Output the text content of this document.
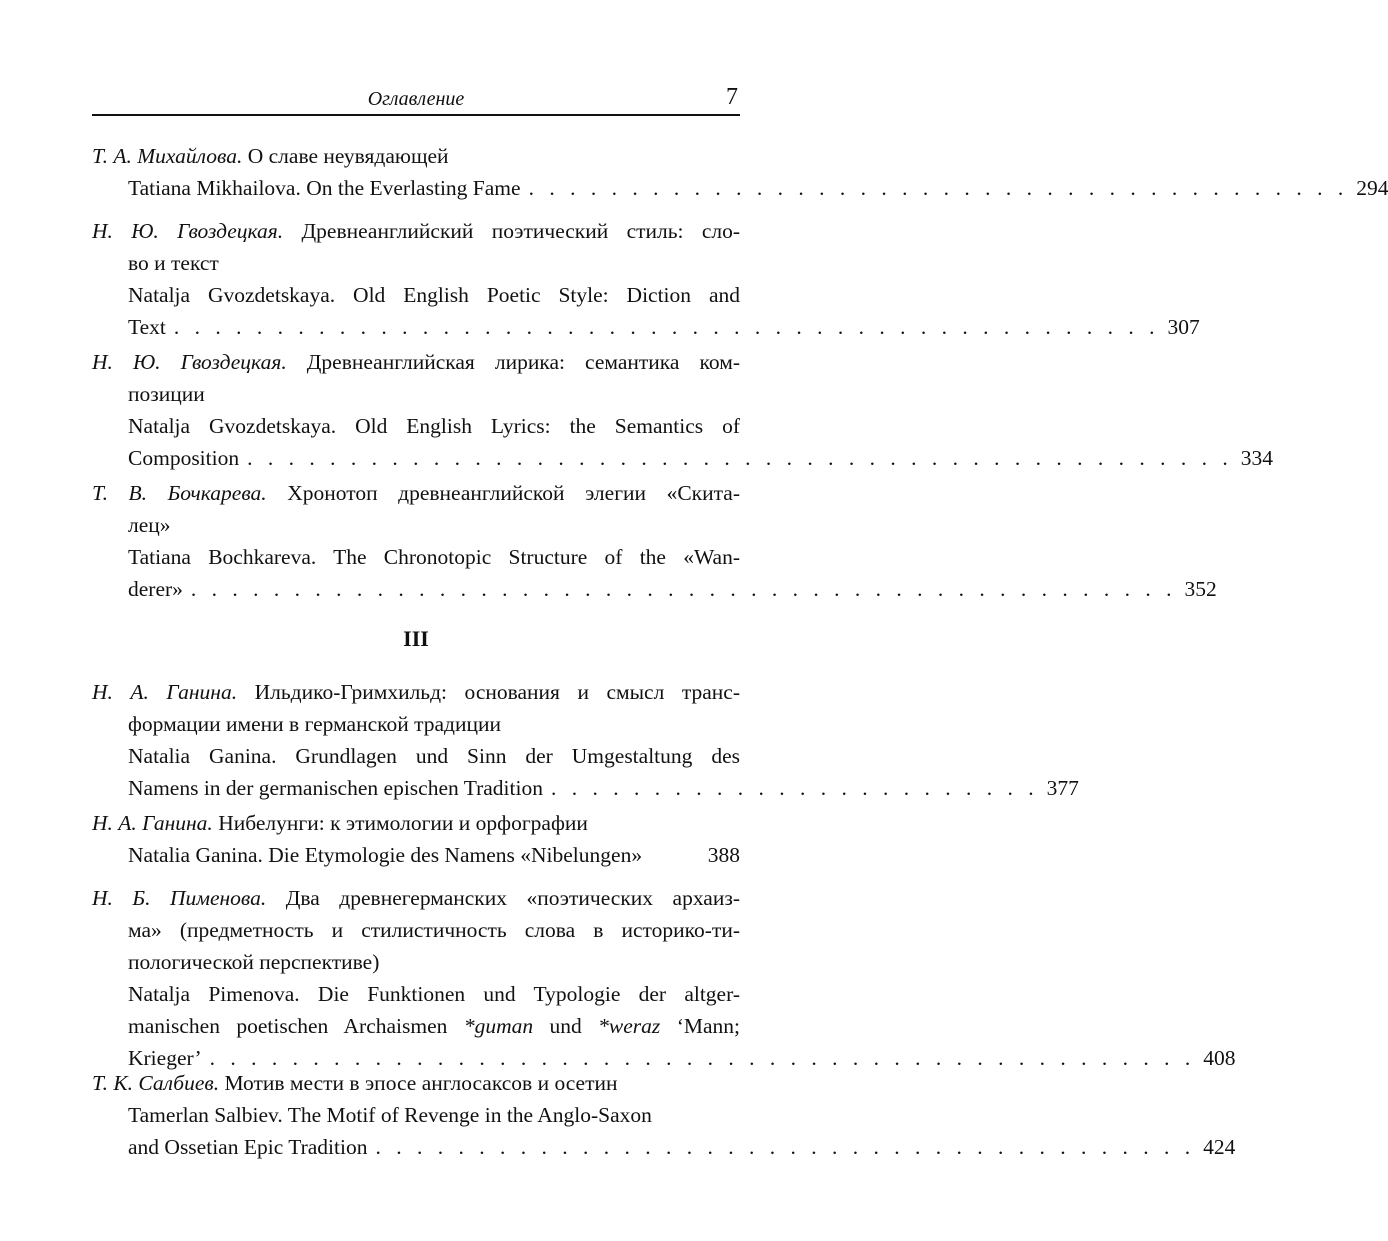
Оглавление	7
Т. А. Михайлова. О славе неувядающей
Tatiana Mikhailova. On the Everlasting Fame . . . . . . . . . . . . . . . . . . . . . . . . . . . . . . . . . . . . . . . . 294
Н. Ю. Гвоздецкая. Древнеанглийский поэтический стиль: сло-
во и текст
Natalja Gvozdetskaya. Old English Poetic Style: Diction and
Text . . . . . . . . . . . . . . . . . . . . . . . . . . . . . . . . . . . . . . . . . . . . . . . . 307
Н. Ю. Гвоздецкая. Древнеанглийская лирика: семантика ком-
позиции
Natalja Gvozdetskaya. Old English Lyrics: the Semantics of
Composition . . . . . . . . . . . . . . . . . . . . . . . . . . . . . . . . . . . . . . . . . . . . . . . . 334
Т. В. Бочкарева. Хронотоп древнеанглийской элегии «Скита-
лец»
Tatiana Bochkareva. The Chronotopic Structure of the «Wan-
derer» . . . . . . . . . . . . . . . . . . . . . . . . . . . . . . . . . . . . . . . . . . . . . . . . 352
III
Н. А. Ганина. Ильдико-Гримхильд: основания и смысл транс-
формации имени в германской традиции
Natalia Ganina. Grundlagen und Sinn der Umgestaltung des
Namens in der germanischen epischen Tradition . . . . . . . . . . . . . . . . . . . . . . . . 377
Н. А. Ганина. Нибелунги: к этимологии и орфографии
Natalia Ganina. Die Etymologie des Namens «Nibelungen»	388
Н. Б. Пименова. Два древнегерманских «поэтических архаиз-
ма» (предметность и стилистичность слова в историко-ти-
пологической перспективе)
Natalja Pimenova. Die Funktionen und Typologie der altger-
manischen poetischen Archaismen *guman und *weraz ‘Mann;
Krieger’ . . . . . . . . . . . . . . . . . . . . . . . . . . . . . . . . . . . . . . . . . . . . . . . . 408
Т. К. Салбиев. Мотив мести в эпосе англосаксов и осетин
Tamerlan Salbiev. The Motif of Revenge in the Anglo-Saxon
and Ossetian Epic Tradition . . . . . . . . . . . . . . . . . . . . . . . . . . . . . . . . . . . . . . . . 424
